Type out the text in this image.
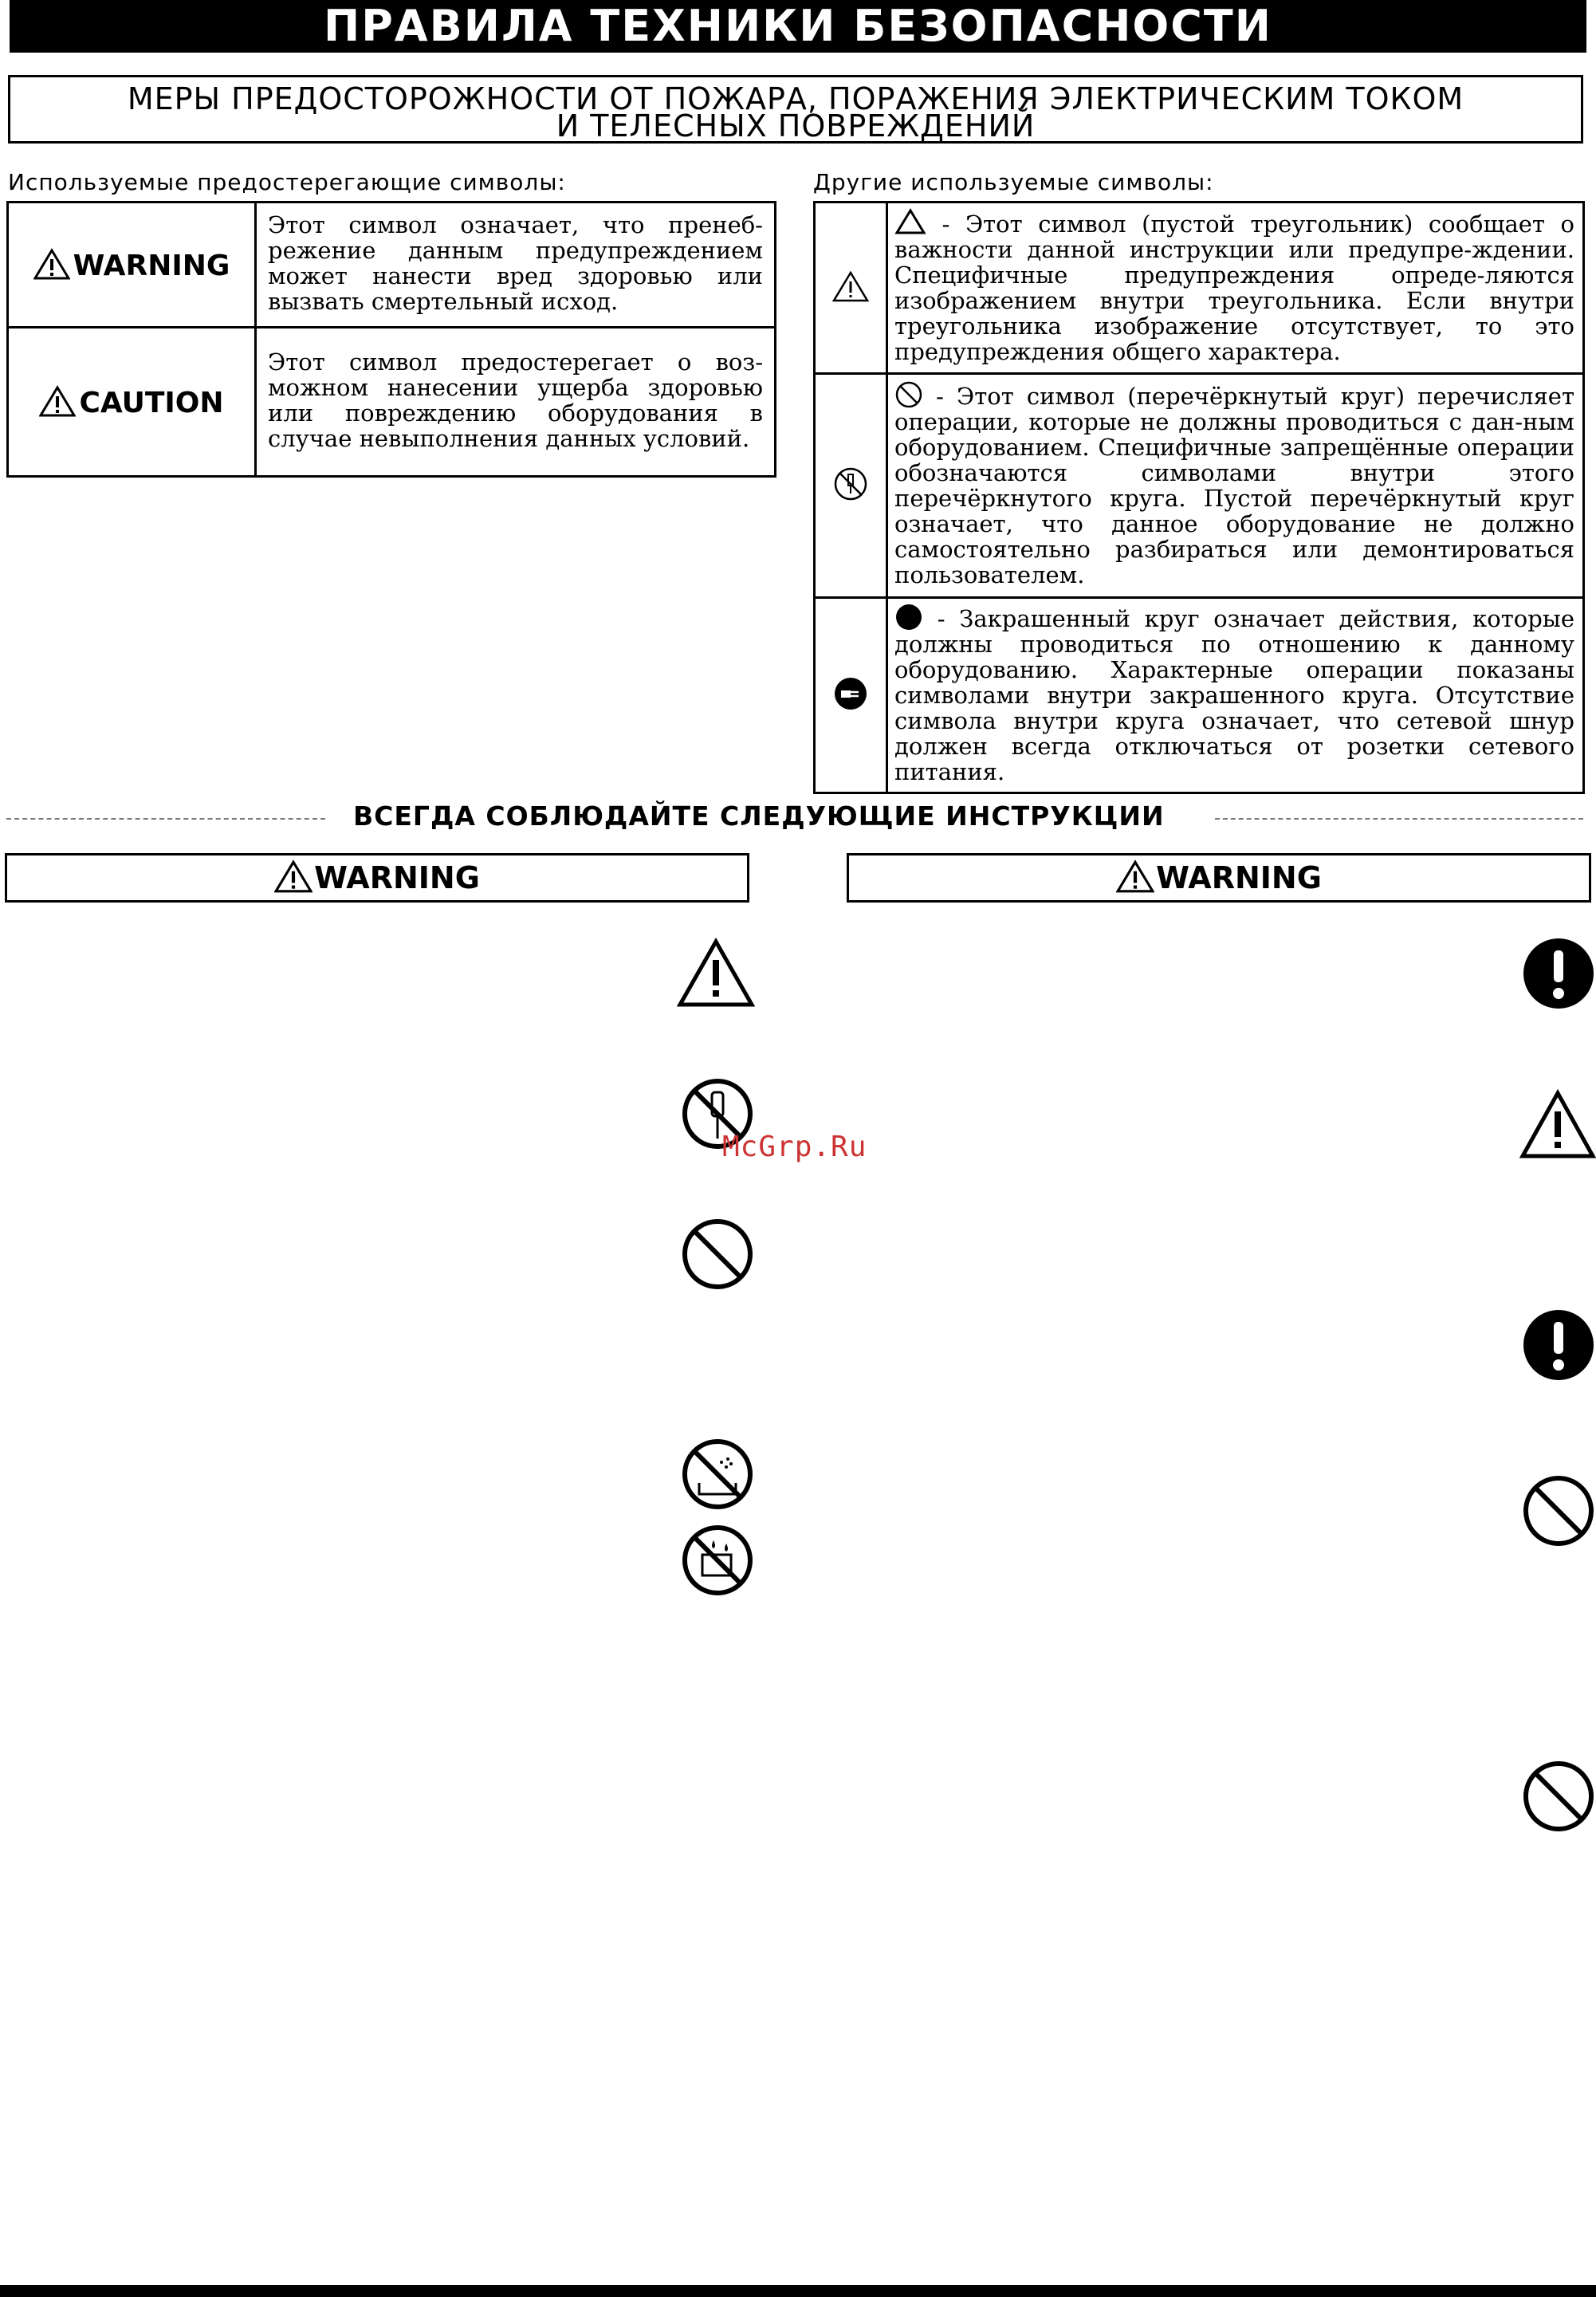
ПРАВИЛА ТЕХНИКИ БЕЗОПАСНОСТИ
МЕРЫ ПРЕДОСТОРОЖНОСТИ ОТ ПОЖАРА, ПОРАЖЕНИЯ ЭЛЕКТРИЧЕСКИМ ТОКОМ
И ТЕЛЕСНЫХ ПОВРЕЖДЕНИЙ
Используемые предостерегающие символы:
WARNING	Этот символ означает, что пренеб-режение данным предупреждением может нанести вред здоровью или вызвать смертельный исход.
CAUTION	Этот символ предостерегает о воз-можном нанесении ущерба здоровью или повреждению оборудования в случае невыполнения данных условий.
Другие используемые символы:
	- Этот символ (пустой треугольник) сообщает о важности данной инструкции или предупре-ждении. Специфичные предупреждения опреде-ляются изображением внутри треугольника. Если внутри треугольника изображение отсутствует, то это предупреждения общего характера.
	- Этот символ (перечёркнутый круг) перечисляет операции, которые не должны проводиться с дан-ным оборудованием. Специфичные запрещённые операции обозначаются символами внутри этого перечёркнутого круга. Пустой перечёркнутый круг означает, что данное оборудование не должно самостоятельно разбираться или демонтироваться пользователем.
	- Закрашенный круг означает действия, которые должны проводиться по отношению к данному оборудованию. Характерные операции показаны символами внутри закрашенного круга. Отсутствие символа внутри круга означает, что сетевой шнур должен всегда отключаться от розетки сетевого питания.
ВСЕГДА СОБЛЮДАЙТЕ СЛЕДУЮЩИЕ ИНСТРУКЦИИ
WARNING	WARNING
McGrp.Ru
